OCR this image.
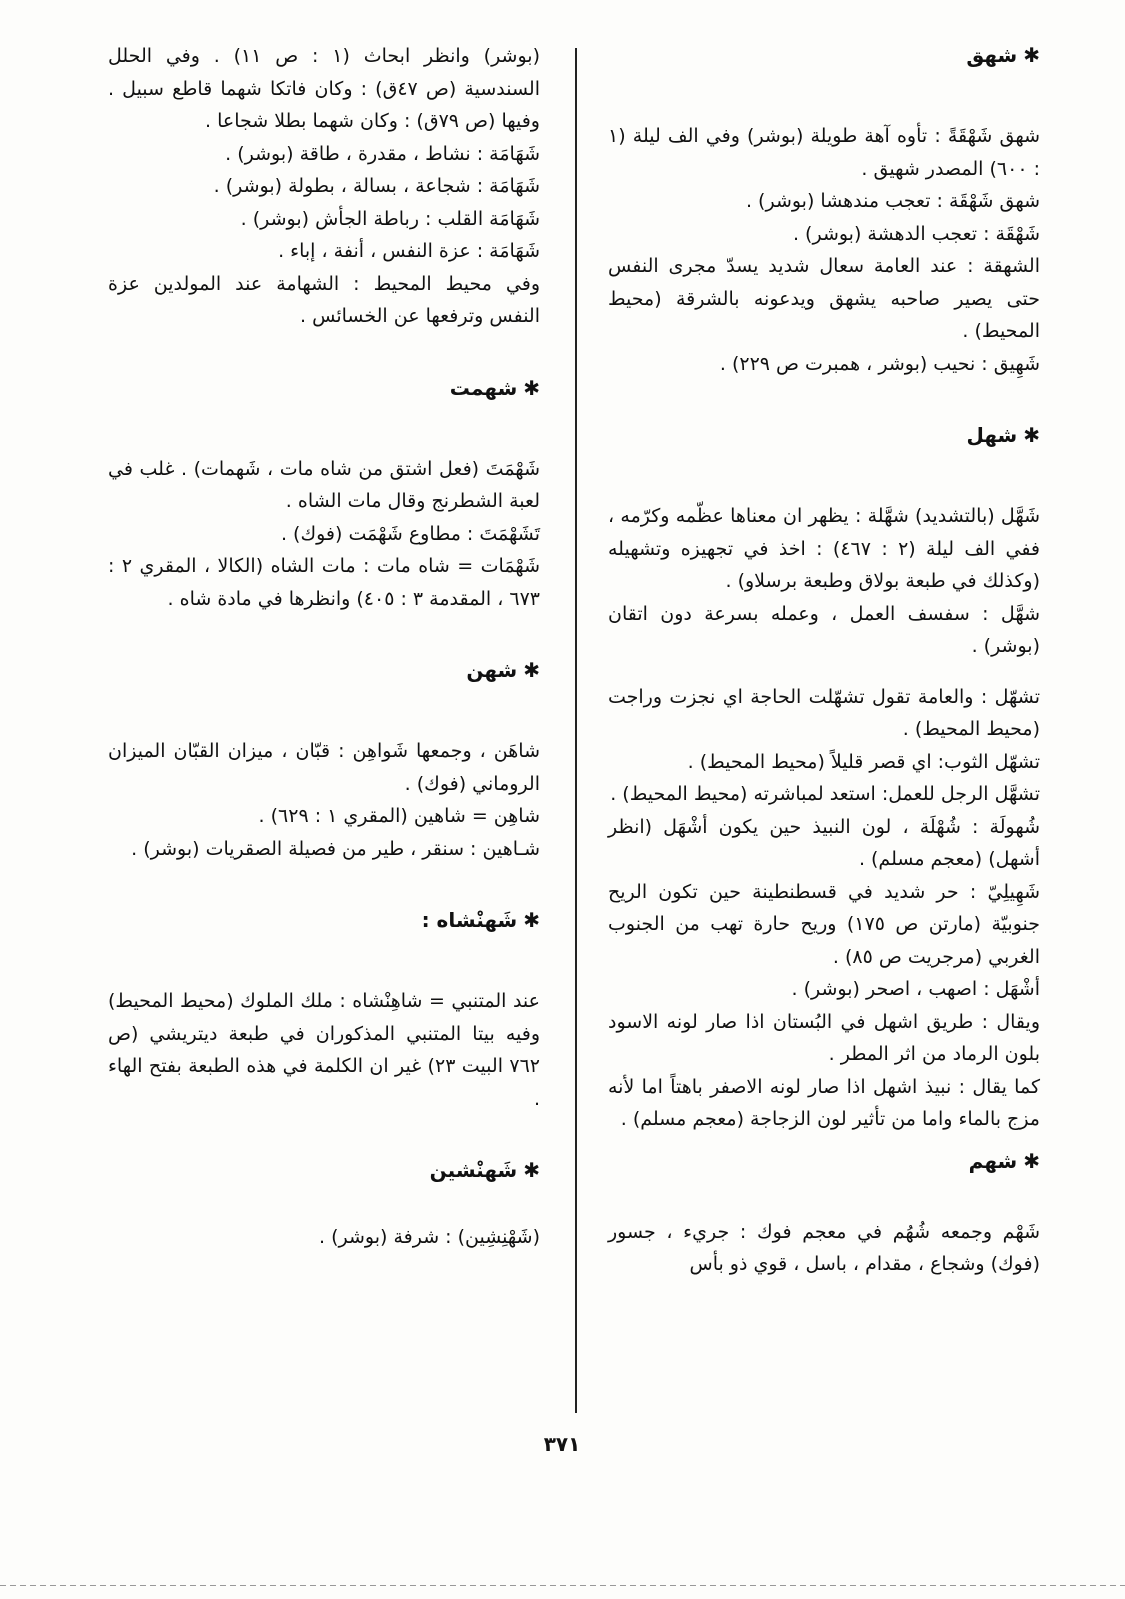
✱شهق

شهق شَهْقَةً : تأوه آهة طويلة (بوشر) وفي الف ليلة (١ : ٦٠٠) المصدر شهيق .

شهق شَهْقَة : تعجب مندهشا (بوشر) .

شَهْقَة : تعجب الدهشة (بوشر) .

الشهقة : عند العامة سعال شديد يسدّ مجرى النفس حتى يصير صاحبه يشهق ويدعونه بالشرقة (محيط المحيط) .

شَهِيق : نحيب (بوشر ، همبرت ص ٢٢٩) .

✱شهل

شَهَّل (بالتشديد) شهَّلة : يظهر ان معناها عظّمه وكرّمه ، ففي الف ليلة (٢ : ٤٦٧) : اخذ في تجهيزه وتشهيله (وكذلك في طبعة بولاق وطبعة برسلاو) .

شهَّل : سفسف العمل ، وعمله بسرعة دون اتقان (بوشر) .

تشهّل : والعامة تقول تشهّلت الحاجة اي نجزت وراجت (محيط المحيط) .

تشهّل الثوب: اي قصر قليلاً (محيط المحيط) .

تشهَّل الرجل للعمل: استعد لمباشرته (محيط المحيط) .

شُهولَة : شُهْلَة ، لون النبيذ حين يكون أشْهَل (انظر أشهل) (معجم مسلم) .

شَهِيلِيّ : حر شديد في قسطنطينة حين تكون الريح جنوبيّة (مارتن ص ١٧٥) وريح حارة تهب من الجنوب الغربي (مرجريت ص ٨٥) .

أشْهَل : اصهب ، اصحر (بوشر) .

ويقال : طريق اشهل في البُستان اذا صار لونه الاسود بلون الرماد من اثر المطر .

كما يقال : نبيذ اشهل اذا صار لونه الاصفر باهتاً اما لأنه مزج بالماء واما من تأثير لون الزجاجة (معجم مسلم) .

✱شهم

شَهْم وجمعه شُهُم في معجم فوك : جريء ، جسور (فوك) وشجاع ، مقدام ، باسل ، قوي ذو بأس

(بوشر) وانظر ابحاث (١ : ص ١١) . وفي الحلل السندسية (ص ٤٧ق) : وكان فاتكا شهما قاطع سبيل . وفيها (ص ٧٩ق) : وكان شهما بطلا شجاعا .

شَهَامَة : نشاط ، مقدرة ، طاقة (بوشر) .

شَهَامَة : شجاعة ، بسالة ، بطولة (بوشر) .

شَهَامَة القلب : رباطة الجأش (بوشر) .

شَهَامَة : عزة النفس ، أنفة ، إباء .

وفي محيط المحيط : الشهامة عند المولدين عزة النفس وترفعها عن الخسائس .

✱شهمت

شَهْمَتَ (فعل اشتق من شاه مات ، شَهمات) . غلب في لعبة الشطرنج وقال مات الشاه .

تَشَهْمَتَ : مطاوع شَهْمَت (فوك) .

شَهْمَات = شاه مات : مات الشاه (الكالا ، المقري ٢ : ٦٧٣ ، المقدمة ٣ : ٤٠٥) وانظرها في مادة شاه .

✱شهن

شاهَن ، وجمعها شَواهِن : قبّان ، ميزان القبّان الميزان الروماني (فوك) .

شاهِن = شاهين (المقري ١ : ٦٢٩) .

شـاهين : سنقر ، طير من فصيلة الصقريات (بوشر) .

✱شَهنْشاه :

عند المتنبي = شاهِنْشاه : ملك الملوك (محيط المحيط) وفيه بيتا المتنبي المذكوران في طبعة ديتريشي (ص ٧٦٢ البيت ٢٣) غير ان الكلمة في هذه الطبعة بفتح الهاء .

✱شَهنْشين

(شَهْنِشِين) : شرفة (بوشر) .

٣٧١
